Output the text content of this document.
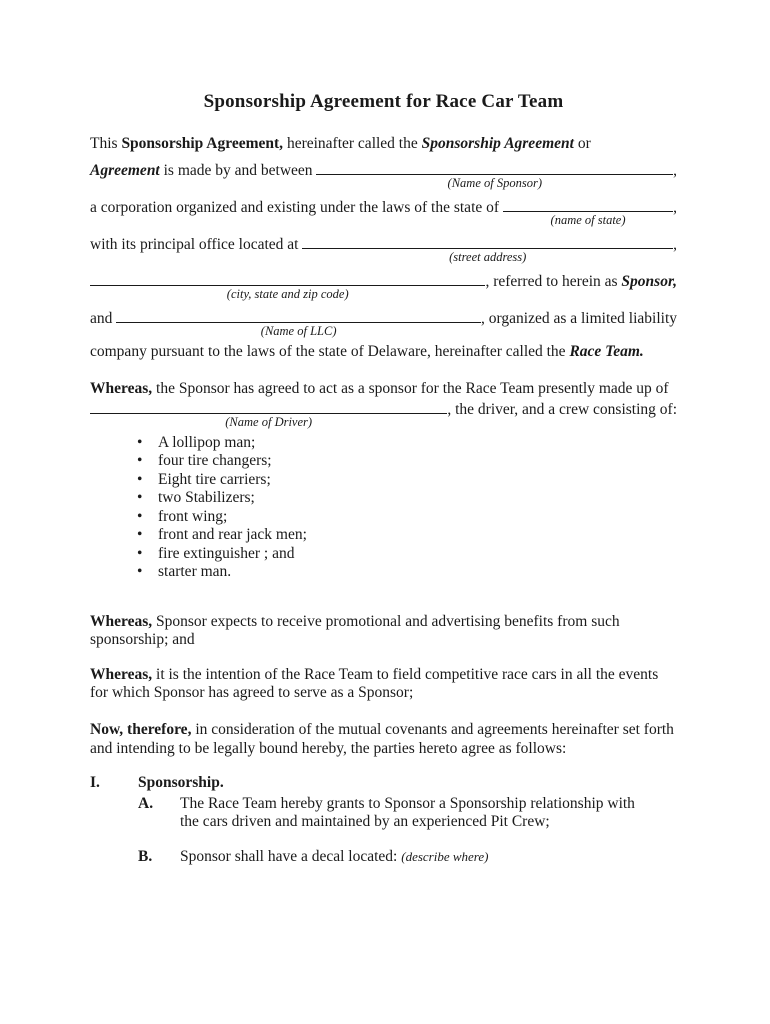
Sponsorship Agreement for Race Car Team
This Sponsorship Agreement, hereinafter called the Sponsorship Agreement or
Agreement is made by and between
(Name of Sponsor)
,
a corporation organized and existing under the laws of the state of
(name of state)
,
with its principal office located at
(street address)
,
(city, state and zip code)
, referred to herein as Sponsor,
and
(Name of LLC)
, organized as a limited liability
company pursuant to the laws of the state of Delaware, hereinafter called the Race Team.
Whereas, the Sponsor has agreed to act as a sponsor for the Race Team presently made up of
(Name of Driver)
, the driver, and a crew consisting of:
• A lollipop man;
• four tire changers;
• Eight tire carriers;
• two Stabilizers;
• front wing;
• front and rear jack men;
• fire extinguisher ; and
• starter man.
Whereas, Sponsor expects to receive promotional and advertising benefits from such sponsorship; and
Whereas, it is the intention of the Race Team to field competitive race cars in all the events for which Sponsor has agreed to serve as a Sponsor;
Now, therefore, in consideration of the mutual covenants and agreements hereinafter set forth and intending to be legally bound hereby, the parties hereto agree as follows:
I.	Sponsorship.
A.	The Race Team hereby grants to Sponsor a Sponsorship relationship with the cars driven and maintained by an experienced Pit Crew;
B.	Sponsor shall have a decal located: (describe where)
